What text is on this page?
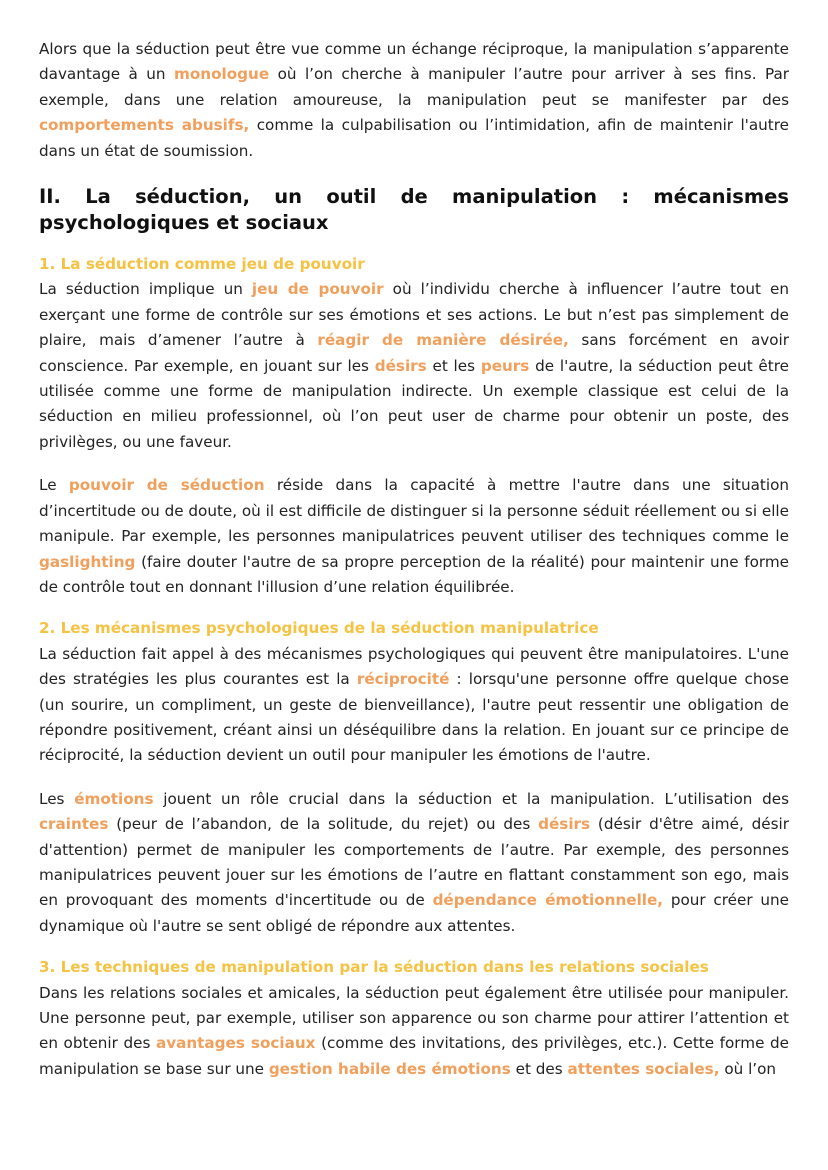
Alors que la séduction peut être vue comme un échange réciproque, la manipulation s’apparente davantage à un monologue où l’on cherche à manipuler l’autre pour arriver à ses fins. Par exemple, dans une relation amoureuse, la manipulation peut se manifester par des comportements abusifs, comme la culpabilisation ou l’intimidation, afin de maintenir l'autre dans un état de soumission.

II. La séduction, un outil de manipulation : mécanismes psychologiques et sociaux
1. La séduction comme jeu de pouvoir

La séduction implique un jeu de pouvoir où l’individu cherche à influencer l’autre tout en exerçant une forme de contrôle sur ses émotions et ses actions. Le but n’est pas simplement de plaire, mais d’amener l’autre à réagir de manière désirée, sans forcément en avoir conscience. Par exemple, en jouant sur les désirs et les peurs de l'autre, la séduction peut être utilisée comme une forme de manipulation indirecte. Un exemple classique est celui de la séduction en milieu professionnel, où l’on peut user de charme pour obtenir un poste, des privilèges, ou une faveur.

Le pouvoir de séduction réside dans la capacité à mettre l'autre dans une situation d’incertitude ou de doute, où il est difficile de distinguer si la personne séduit réellement ou si elle manipule. Par exemple, les personnes manipulatrices peuvent utiliser des techniques comme le gaslighting (faire douter l'autre de sa propre perception de la réalité) pour maintenir une forme de contrôle tout en donnant l'illusion d’une relation équilibrée.

2. Les mécanismes psychologiques de la séduction manipulatrice

La séduction fait appel à des mécanismes psychologiques qui peuvent être manipulatoires. L'une des stratégies les plus courantes est la réciprocité : lorsqu'une personne offre quelque chose (un sourire, un compliment, un geste de bienveillance), l'autre peut ressentir une obligation de répondre positivement, créant ainsi un déséquilibre dans la relation. En jouant sur ce principe de réciprocité, la séduction devient un outil pour manipuler les émotions de l'autre.

Les émotions jouent un rôle crucial dans la séduction et la manipulation. L’utilisation des craintes (peur de l’abandon, de la solitude, du rejet) ou des désirs (désir d'être aimé, désir d'attention) permet de manipuler les comportements de l’autre. Par exemple, des personnes manipulatrices peuvent jouer sur les émotions de l’autre en flattant constamment son ego, mais en provoquant des moments d'incertitude ou de dépendance émotionnelle, pour créer une dynamique où l'autre se sent obligé de répondre aux attentes.

3. Les techniques de manipulation par la séduction dans les relations sociales

Dans les relations sociales et amicales, la séduction peut également être utilisée pour manipuler. Une personne peut, par exemple, utiliser son apparence ou son charme pour attirer l’attention et en obtenir des avantages sociaux (comme des invitations, des privilèges, etc.). Cette forme de manipulation se base sur une gestion habile des émotions et des attentes sociales, où l’on
